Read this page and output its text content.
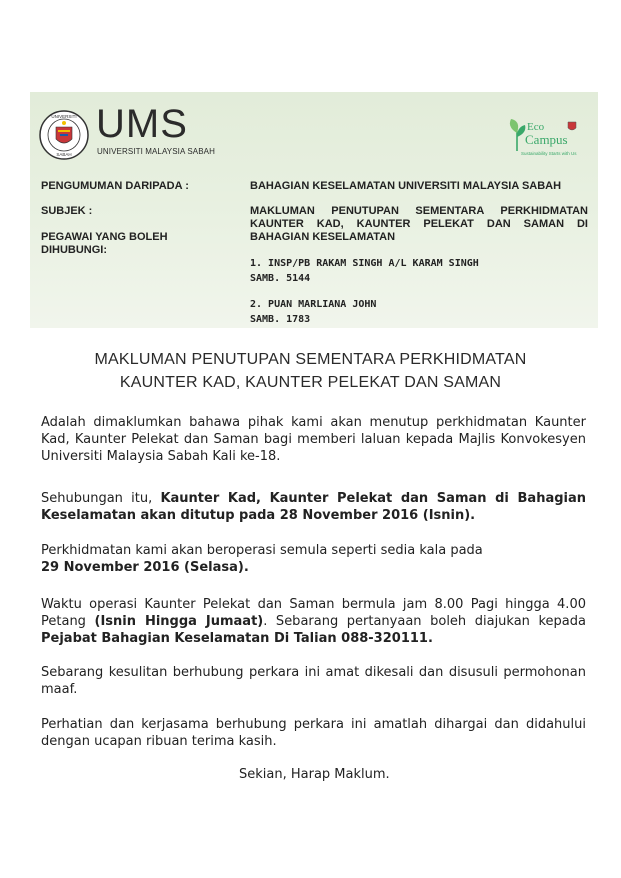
UNIVERSITI
SABAH
UMS
UNIVERSITI MALAYSIA SABAH
Eco
Campus
Sustainability Starts with Us
PENGUMUMAN DARIPADA :	BAHAGIAN KESELAMATAN UNIVERSITI MALAYSIA SABAH
SUBJEK :	MAKLUMAN PENUTUPAN SEMENTARA PERKHIDMATAN
KAUNTER KAD, KAUNTER PELEKAT DAN SAMAN DI
BAHAGIAN KESELAMATAN
PEGAWAI YANG BOLEH
DIHUBUNGI:
1. INSP/PB RAKAM SINGH A/L KARAM SINGH
SAMB. 5144
2. PUAN MARLIANA JOHN
SAMB. 1783
MAKLUMAN PENUTUPAN SEMENTARA PERKHIDMATAN
KAUNTER KAD, KAUNTER PELEKAT DAN SAMAN
Adalah dimaklumkan bahawa pihak kami akan menutup perkhidmatan Kaunter Kad, Kaunter Pelekat dan Saman bagi memberi laluan kepada Majlis Konvokesyen Universiti Malaysia Sabah Kali ke-18.
Sehubungan itu, Kaunter Kad, Kaunter Pelekat dan Saman di Bahagian Keselamatan akan ditutup pada 28 November 2016 (Isnin).
Perkhidmatan kami akan beroperasi semula seperti sedia kala pada
29 November 2016 (Selasa).
Waktu operasi Kaunter Pelekat dan Saman bermula jam 8.00 Pagi hingga 4.00 Petang (Isnin Hingga Jumaat). Sebarang pertanyaan boleh diajukan kepada Pejabat Bahagian Keselamatan Di Talian 088-320111.
Sebarang kesulitan berhubung perkara ini amat dikesali dan disusuli permohonan maaf.
Perhatian dan kerjasama berhubung perkara ini amatlah dihargai dan didahului dengan ucapan ribuan terima kasih.
Sekian, Harap Maklum.
